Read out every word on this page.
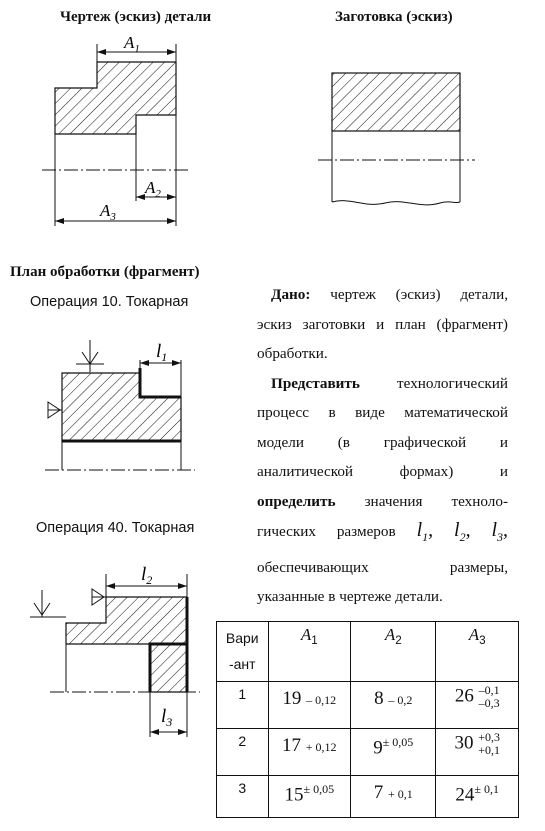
Чертеж (эскиз) детали	Заготовка (эскиз)
$A_1$
$A_2$
$A_3$
$l_1$
$l_2$
$l_3$
План обработки (фрагмент)
Операция 10. Токарная
Операция 40. Токарная
Дано: чертеж (эскиз) детали,
эскиз заготовки и план (фрагмент)
обработки.
Представить технологический
процесс в виде математической
модели (в графической и
аналитической формах) и
определить значения техноло-
гических размеров $l_1$, $l_2$, $l_3$,
обеспечивающих размеры,
указанные в чертеже детали.
Вари
-ант	$A_1$	$A_2$	$A_3$

1	19 – 0,12	8 – 0,2	26 –0,1
–0,3

2	17 + 0,12	$9^{\pm 0,05}$	30 +0,3
+0,1

3	$15^{\pm 0,05}$	7 + 0,1	$24^{\pm 0,1}$
